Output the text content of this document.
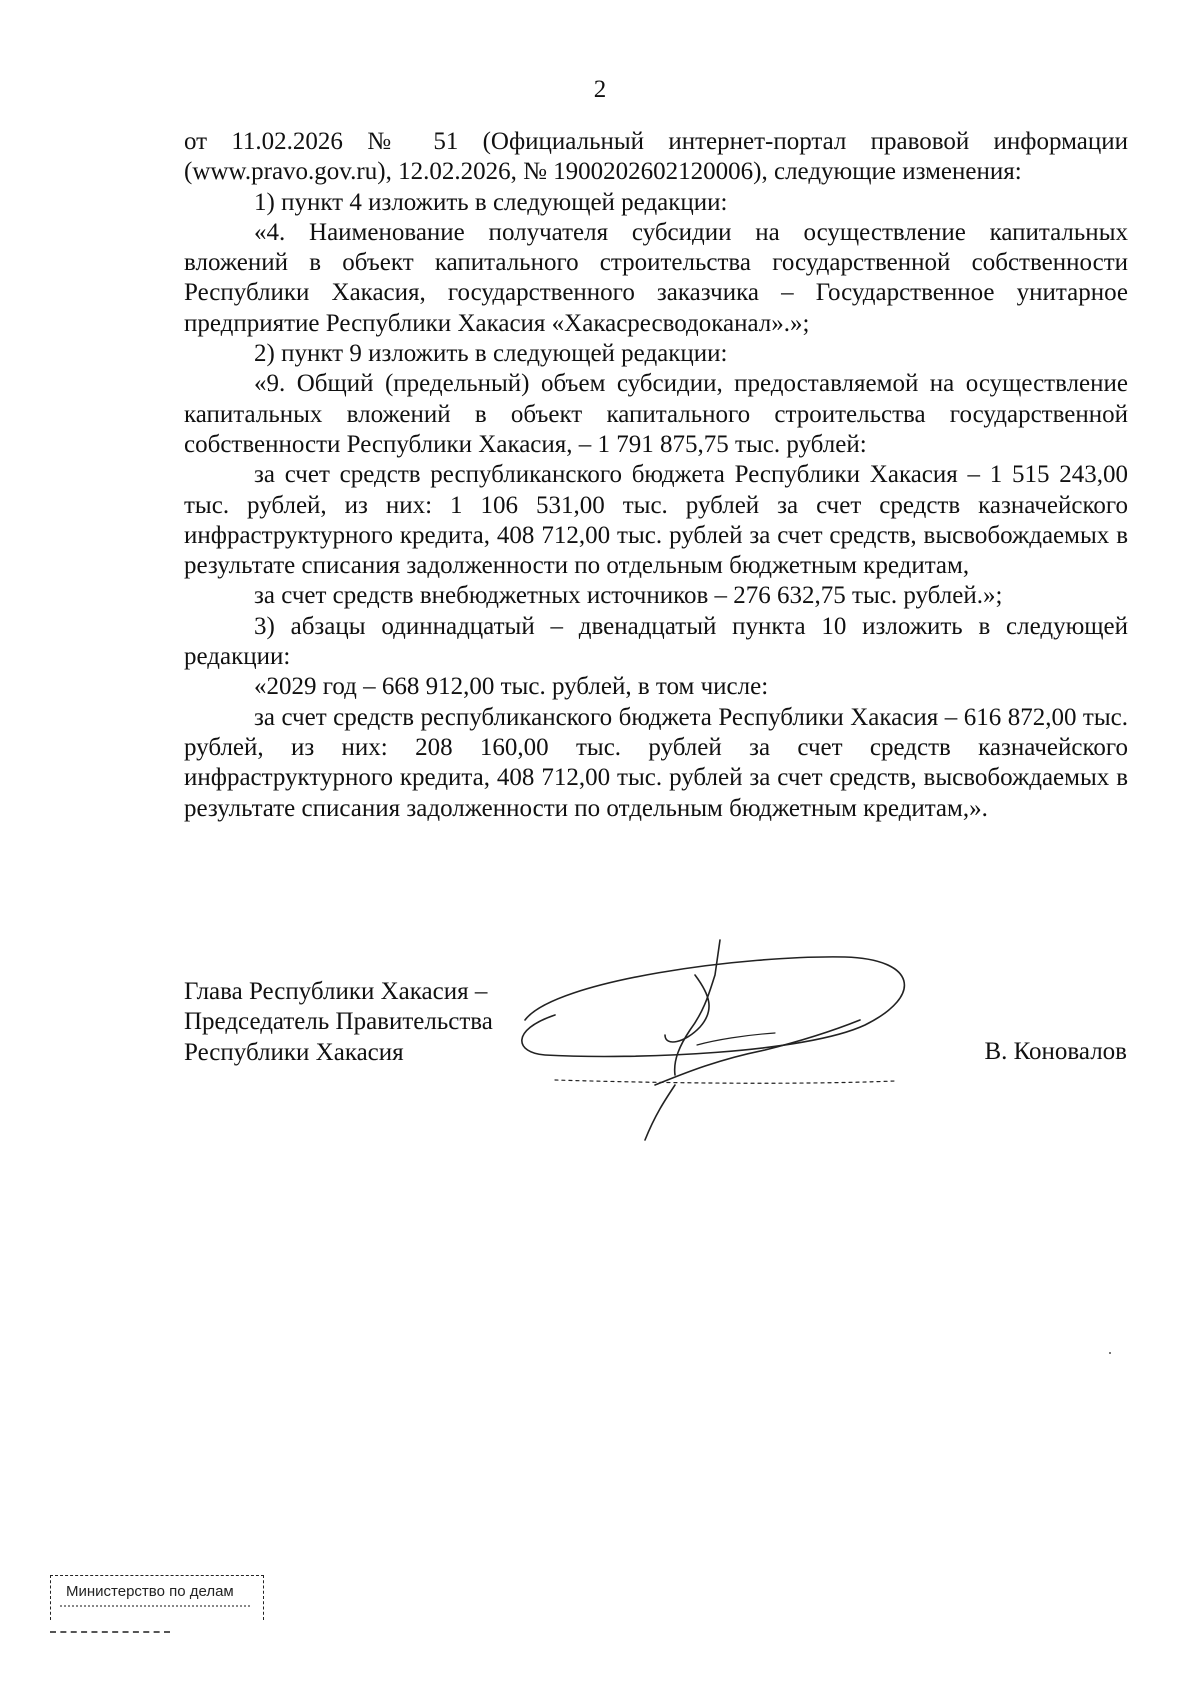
2

от 11.02.2026 № 51 (Официальный интернет-портал правовой информации (www.pravo.gov.ru), 12.02.2026, № 1900202602120006), следующие изменения:

1) пункт 4 изложить в следующей редакции:

«4. Наименование получателя субсидии на осуществление капитальных вложений в объект капитального строительства государственной собственности Республики Хакасия, государственного заказчика – Государственное унитарное предприятие Республики Хакасия «Хакасресводоканал».»;

2) пункт 9 изложить в следующей редакции:

«9. Общий (предельный) объем субсидии, предоставляемой на осуществление капитальных вложений в объект капитального строительства государственной собственности Республики Хакасия, – 1 791 875,75 тыс. рублей:

за счет средств республиканского бюджета Республики Хакасия – 1 515 243,00 тыс. рублей, из них: 1 106 531,00 тыс. рублей за счет средств казначейского инфраструктурного кредита, 408 712,00 тыс. рублей за счет средств, высвобождаемых в результате списания задолженности по отдельным бюджетным кредитам,

за счет средств внебюджетных источников – 276 632,75 тыс. рублей.»;

3) абзацы одиннадцатый – двенадцатый пункта 10 изложить в следующей редакции:

«2029 год – 668 912,00 тыс. рублей, в том числе:

за счет средств республиканского бюджета Республики Хакасия – 616 872,00 тыс. рублей, из них: 208 160,00 тыс. рублей за счет средств казначейского инфраструктурного кредита, 408 712,00 тыс. рублей за счет средств, высвобождаемых в результате списания задолженности по отдельным бюджетным кредитам,».

Глава Республики Хакасия –
Председатель Правительства
Республики Хакасия	В. Коновалов
Министерство по делам
